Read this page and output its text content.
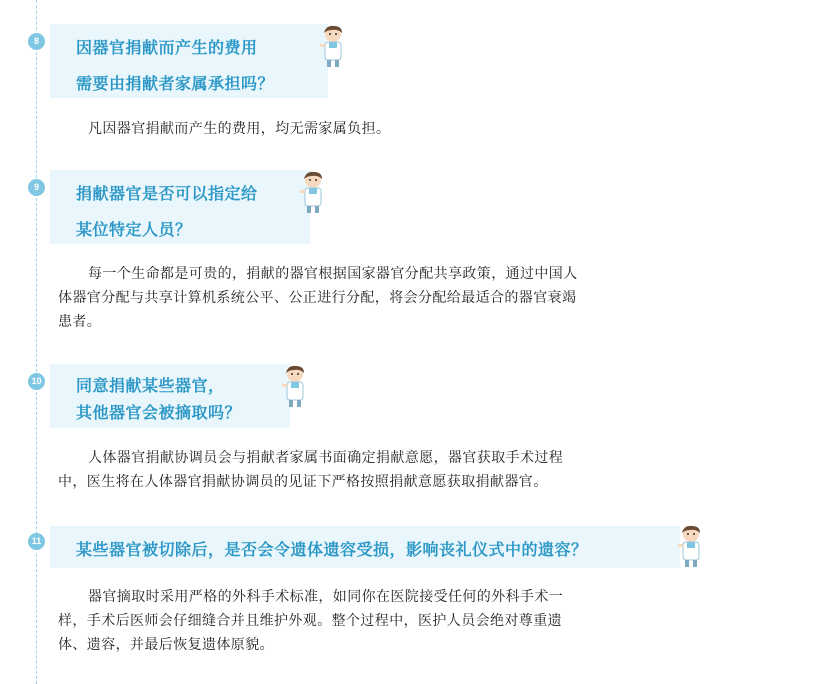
8	因器官捐献而产生的费用
需要由捐献者家属承担吗？
凡因器官捐献而产生的费用，均无需家属负担。
9	捐献器官是否可以指定给
某位特定人员？
每一个生命都是可贵的，捐献的器官根据国家器官分配共享政策，通过中国人
体器官分配与共享计算机系统公平、公正进行分配，将会分配给最适合的器官衰竭
患者。
10 同意捐献某些器官，
其他器官会被摘取吗？
人体器官捐献协调员会与捐献者家属书面确定捐献意愿，器官获取手术过程
中，医生将在人体器官捐献协调员的见证下严格按照捐献意愿获取捐献器官。
11 某些器官被切除后，是否会令遗体遗容受损，影响丧礼仪式中的遗容？
器官摘取时采用严格的外科手术标准，如同你在医院接受任何的外科手术一
样，手术后医师会仔细缝合并且维护外观。整个过程中，医护人员会绝对尊重遗
体、遗容，并最后恢复遗体原貌。
